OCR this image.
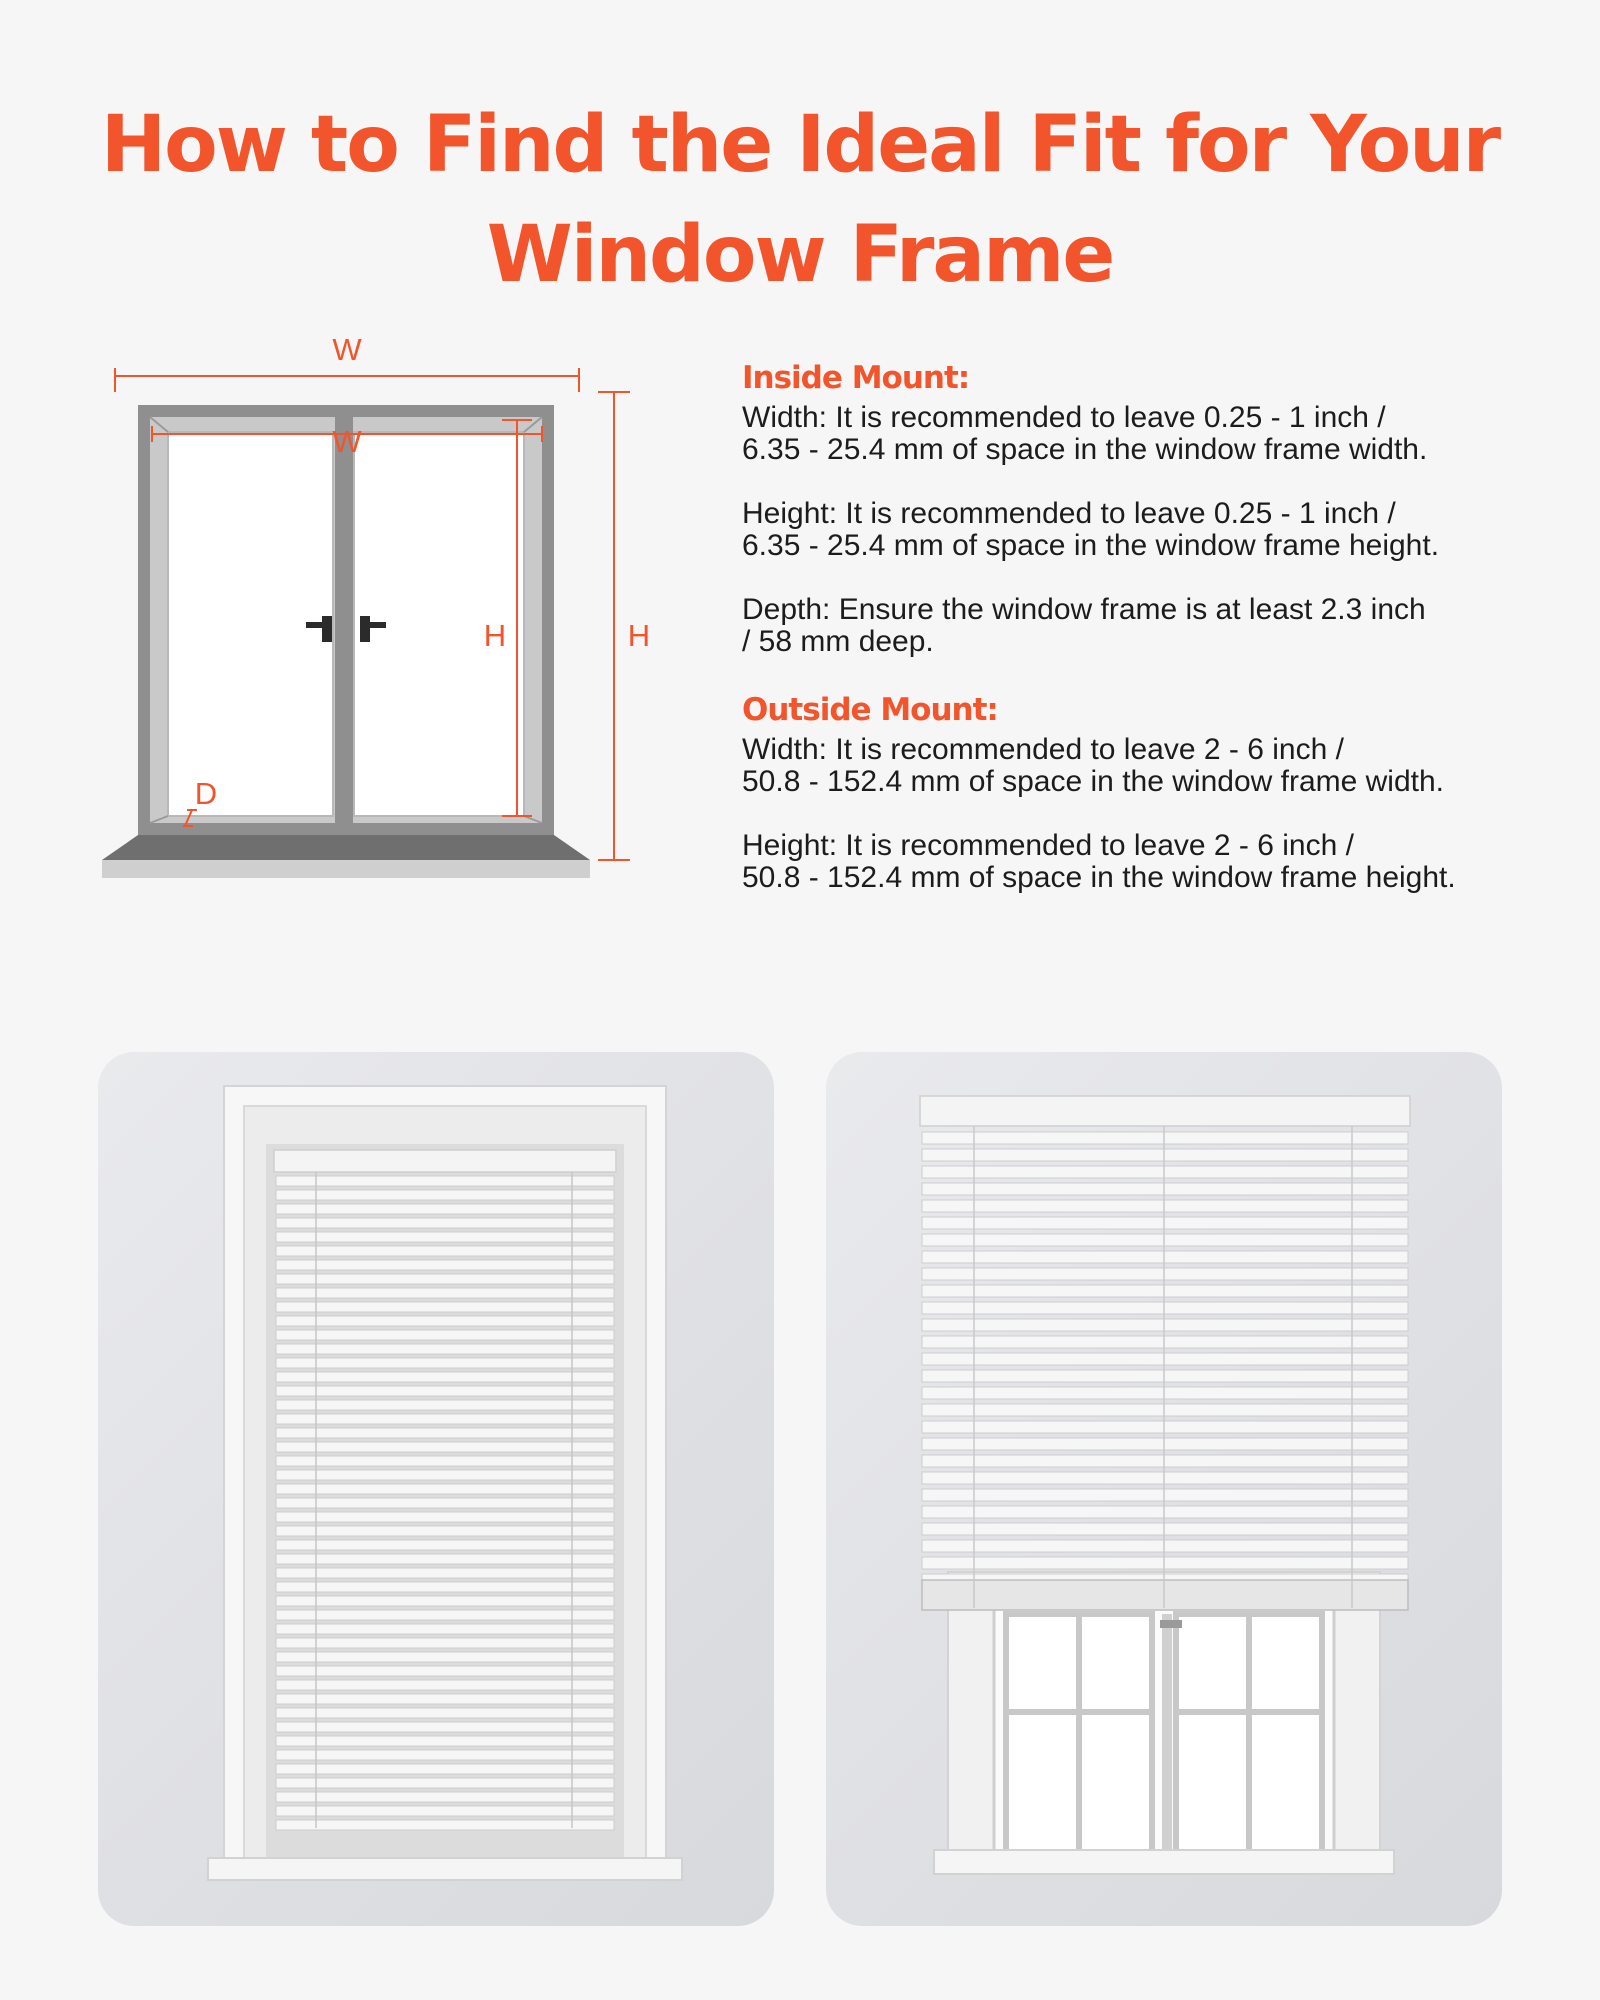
How to Find the Ideal Fit for Your
Window Frame
W
W
H	H
D
Inside Mount:

Width: It is recommended to leave 0.25 - 1 inch /
6.35 - 25.4 mm of space in the window frame width.

Height: It is recommended to leave 0.25 - 1 inch /
6.35 - 25.4 mm of space in the window frame height.

Depth: Ensure the window frame is at least 2.3 inch
/ 58 mm deep.

Outside Mount:

Width: It is recommended to leave 2 - 6 inch /
50.8 - 152.4 mm of space in the window frame width.

Height: It is recommended to leave 2 - 6 inch /
50.8 - 152.4 mm of space in the window frame height.
